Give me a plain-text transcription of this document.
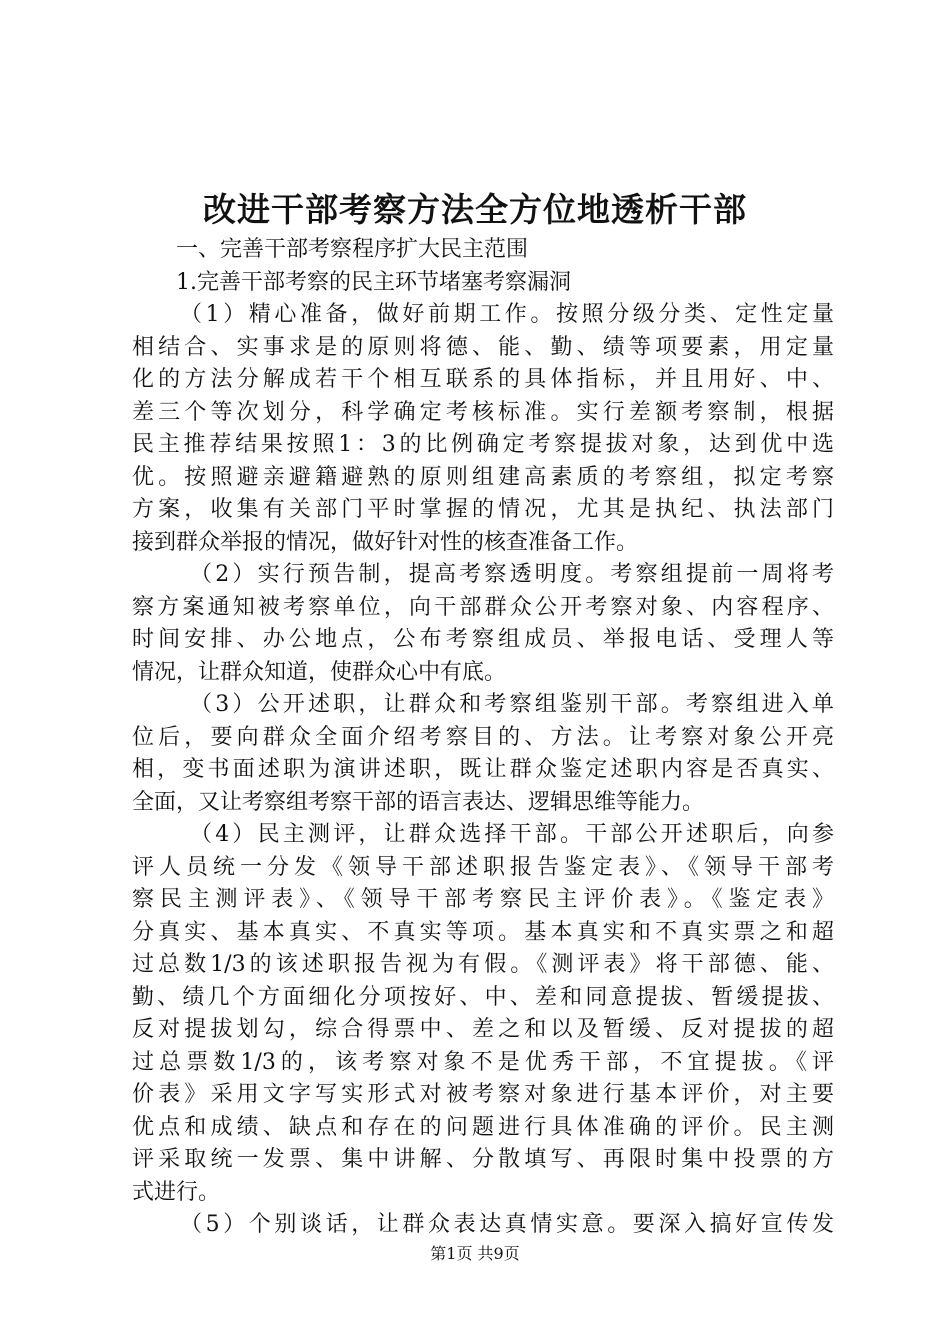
改进干部考察方法全方位地透析干部
一、完善干部考察程序扩大民主范围
1.完善干部考察的民主环节堵塞考察漏洞
（1）精心准备，做好前期工作。按照分级分类、定性定量
相结合、实事求是的原则将德、能、勤、绩等项要素，用定量
化的方法分解成若干个相互联系的具体指标，并且用好、中、
差三个等次划分，科学确定考核标准。实行差额考察制，根据
民主推荐结果按照1：3的比例确定考察提拔对象，达到优中选
优。按照避亲避籍避熟的原则组建高素质的考察组，拟定考察
方案，收集有关部门平时掌握的情况，尤其是执纪、执法部门
接到群众举报的情况，做好针对性的核查准备工作。
（2）实行预告制，提高考察透明度。考察组提前一周将考
察方案通知被考察单位，向干部群众公开考察对象、内容程序、
时间安排、办公地点，公布考察组成员、举报电话、受理人等
情况，让群众知道，使群众心中有底。
（3）公开述职，让群众和考察组鉴别干部。考察组进入单
位后，要向群众全面介绍考察目的、方法。让考察对象公开亮
相，变书面述职为演讲述职，既让群众鉴定述职内容是否真实、
全面，又让考察组考察干部的语言表达、逻辑思维等能力。
（4）民主测评，让群众选择干部。干部公开述职后，向参
评人员统一分发《领导干部述职报告鉴定表》、《领导干部考
察民主测评表》、《领导干部考察民主评价表》。《鉴定表》
分真实、基本真实、不真实等项。基本真实和不真实票之和超
过总数1/3的该述职报告视为有假。《测评表》将干部德、能、
勤、绩几个方面细化分项按好、中、差和同意提拔、暂缓提拔、
反对提拔划勾，综合得票中、差之和以及暂缓、反对提拔的超
过总票数1/3的，该考察对象不是优秀干部，不宜提拔。《评
价表》采用文字写实形式对被考察对象进行基本评价，对主要
优点和成绩、缺点和存在的问题进行具体准确的评价。民主测
评采取统一发票、集中讲解、分散填写、再限时集中投票的方
式进行。
（5）个别谈话，让群众表达真情实意。要深入搞好宣传发
第1页 共9页
